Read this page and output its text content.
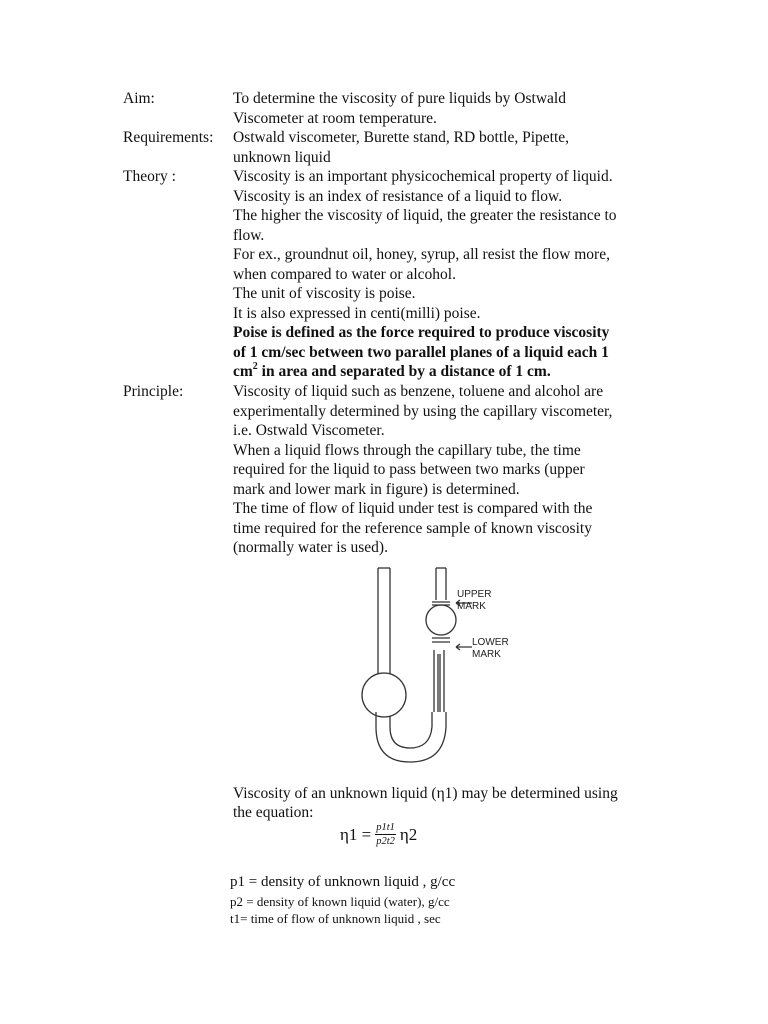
Aim:	To determine the viscosity of pure liquids by Ostwald
Viscometer at room temperature.
Requirements: Ostwald viscometer, Burette stand, RD bottle, Pipette,
unknown liquid
Theory :	Viscosity is an important physicochemical property of liquid.
Viscosity is an index of resistance of a liquid to flow.
The higher the viscosity of liquid, the greater the resistance to
flow.
For ex., groundnut oil, honey, syrup, all resist the flow more,
when compared to water or alcohol.
The unit of viscosity is poise.
It is also expressed in centi(milli) poise.
Poise is defined as the force required to produce viscosity
of 1 cm/sec between two parallel planes of a liquid each 1
$cm^2$ in area and separated by a distance of 1 cm.
Principle:	Viscosity of liquid such as benzene, toluene and alcohol are
experimentally determined by using the capillary viscometer,
i.e. Ostwald Viscometer.
When a liquid flows through the capillary tube, the time
required for the liquid to pass between two marks (upper
mark and lower mark in figure) is determined.
The time of flow of liquid under test is compared with the
time required for the reference sample of known viscosity
(normally water is used).
UPPER
MARK
LOWER
MARK
Viscosity of an unknown liquid (η1) may be determined using
the equation:
$\eta 1 = \frac{p1t1}{p2t2} \eta 2$
p1 = density of unknown liquid , g/cc
p2 = density of known liquid (water), g/cc
t1= time of flow of unknown liquid , sec
